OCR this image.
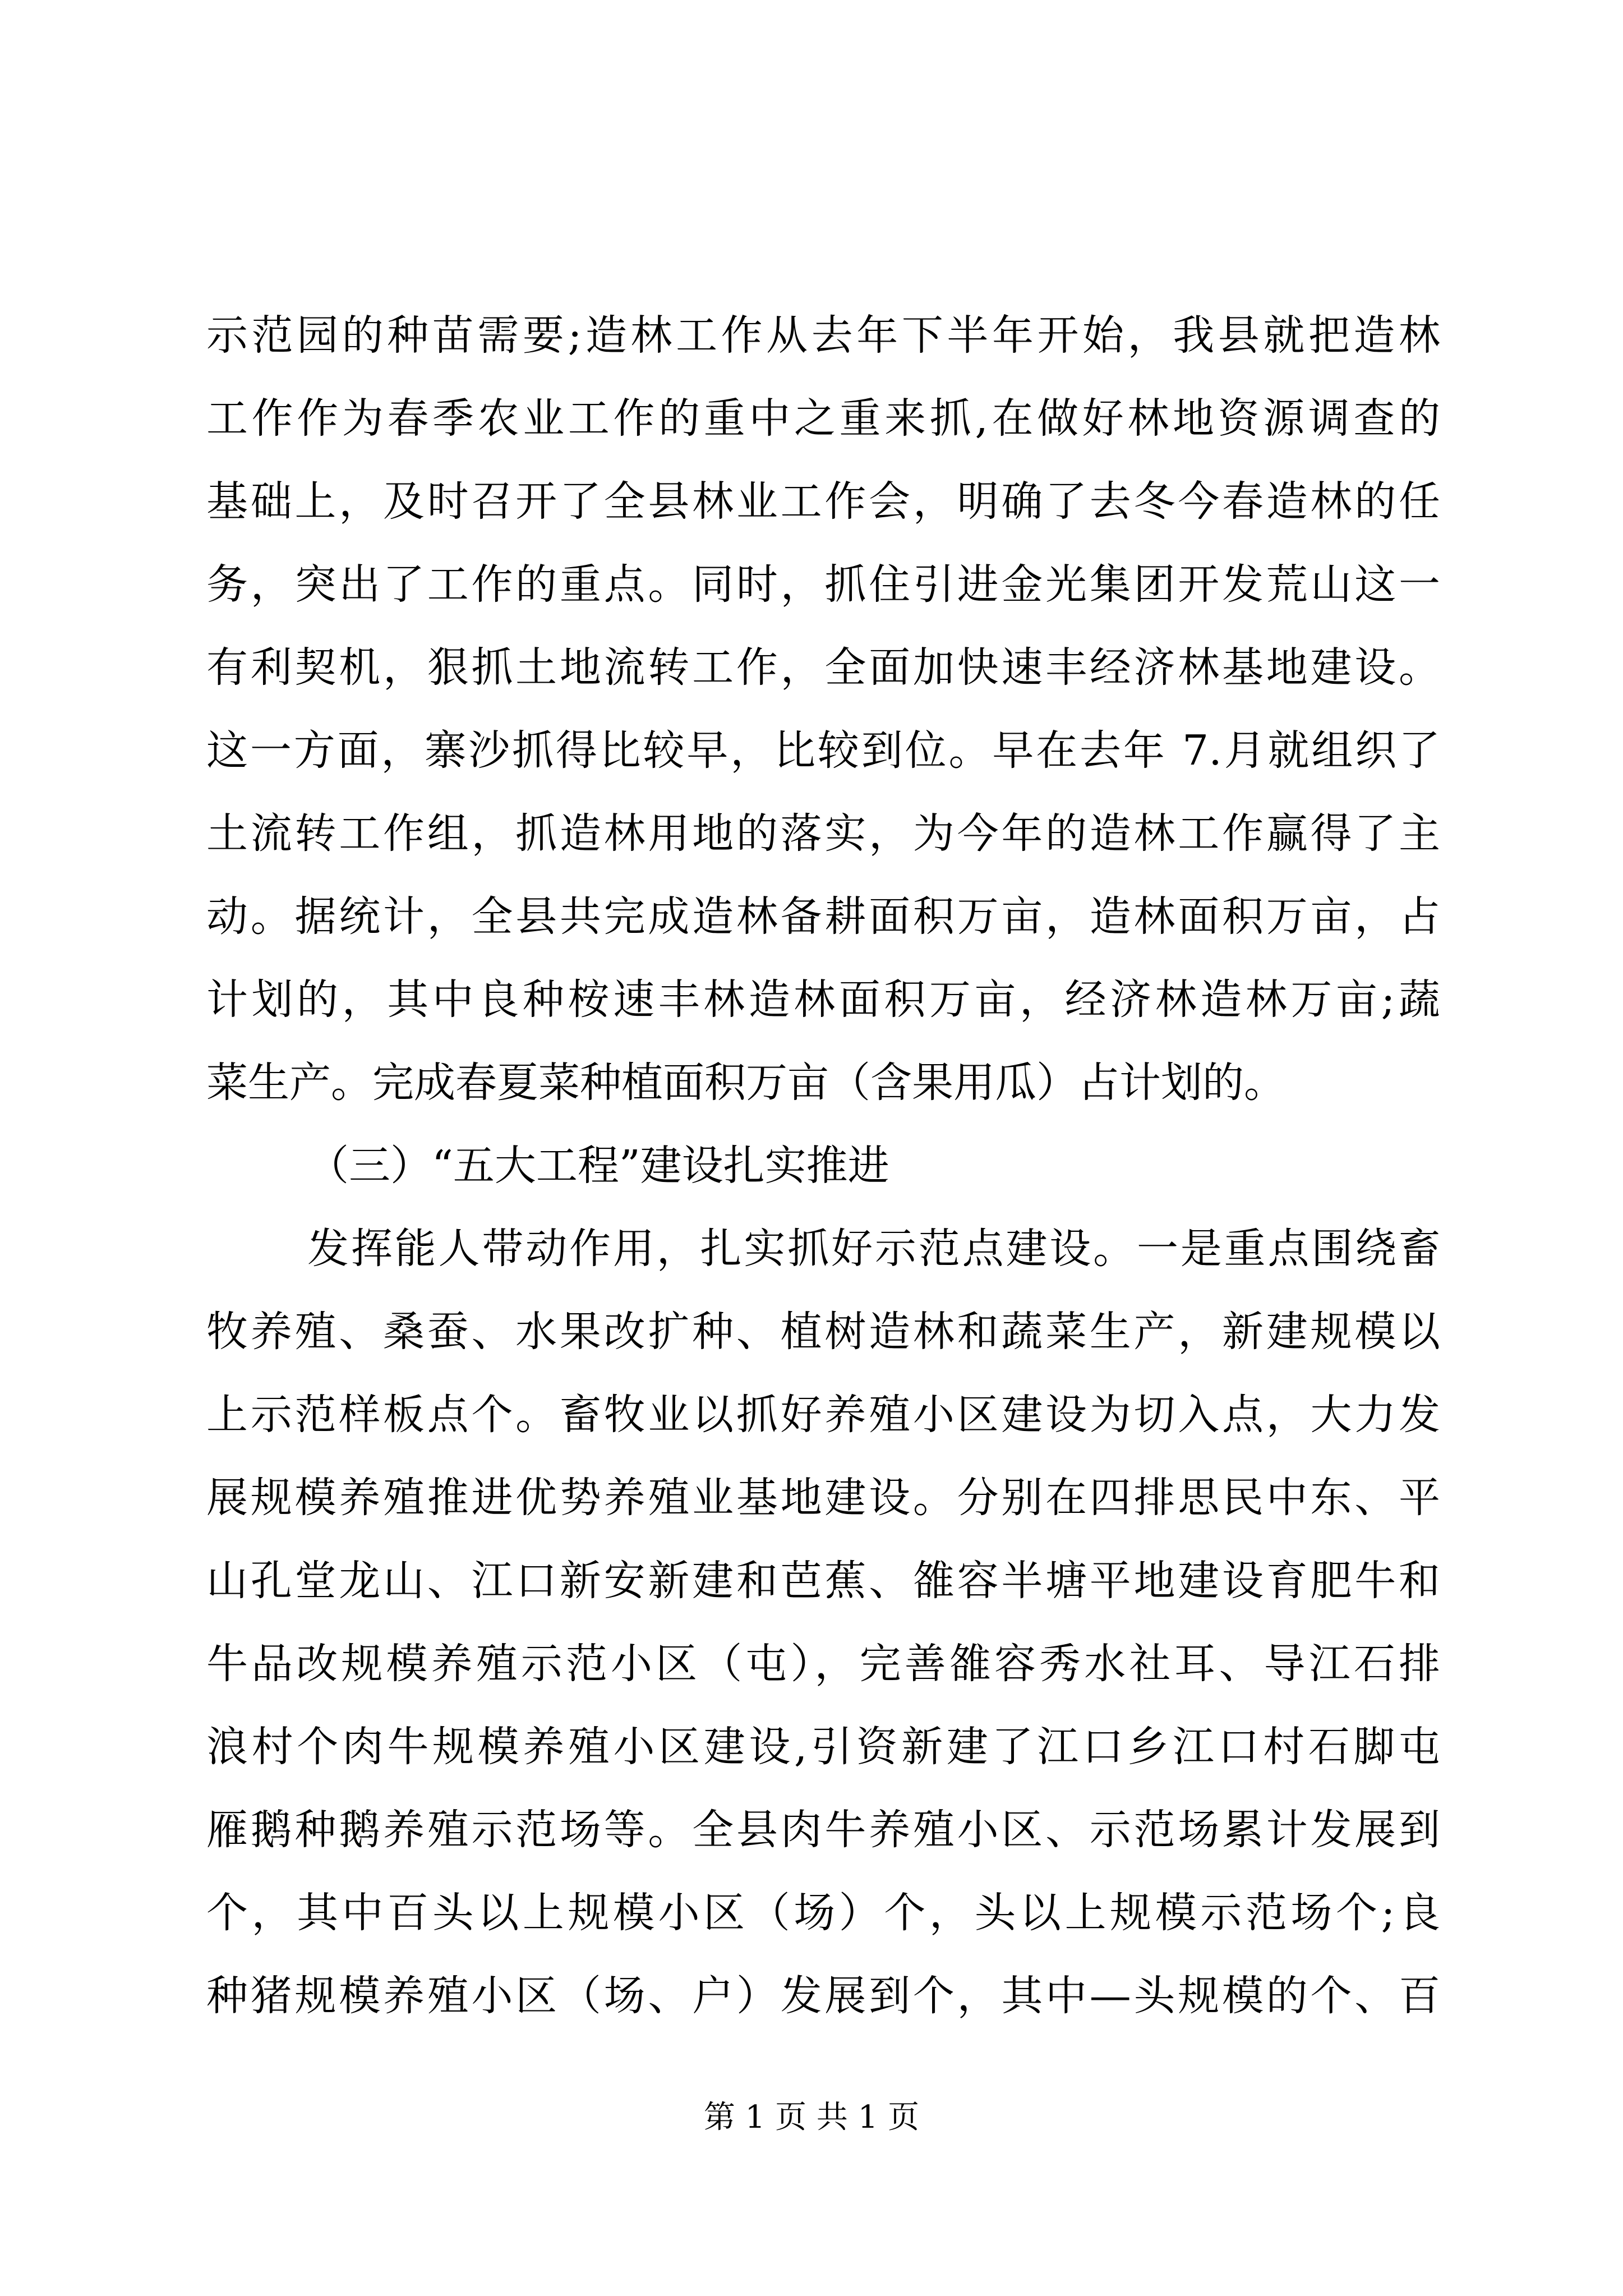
示范园的种苗需要;造林工作从去年下半年开始，我县就把造林
工作作为春季农业工作的重中之重来抓,在做好林地资源调查的
基础上，及时召开了全县林业工作会，明确了去冬今春造林的任
务，突出了工作的重点。同时，抓住引进金光集团开发荒山这一
有利契机，狠抓土地流转工作，全面加快速丰经济林基地建设。
这一方面，寨沙抓得比较早，比较到位。早在去年 7.月就组织了
土流转工作组，抓造林用地的落实，为今年的造林工作赢得了主
动。据统计，全县共完成造林备耕面积万亩，造林面积万亩，占
计划的，其中良种桉速丰林造林面积万亩，经济林造林万亩;蔬
菜生产。完成春夏菜种植面积万亩（含果用瓜）占计划的。
（三）“五大工程”建设扎实推进
发挥能人带动作用，扎实抓好示范点建设。一是重点围绕畜
牧养殖、桑蚕、水果改扩种、植树造林和蔬菜生产，新建规模以
上示范样板点个。畜牧业以抓好养殖小区建设为切入点，大力发
展规模养殖推进优势养殖业基地建设。分别在四排思民中东、平
山孔堂龙山、江口新安新建和芭蕉、雒容半塘平地建设育肥牛和
牛品改规模养殖示范小区（屯），完善雒容秀水社耳、导江石排
浪村个肉牛规模养殖小区建设,引资新建了江口乡江口村石脚屯
雁鹅种鹅养殖示范场等。全县肉牛养殖小区、示范场累计发展到
个，其中百头以上规模小区（场）个，头以上规模示范场个;良
种猪规模养殖小区（场、户）发展到个，其中—头规模的个、百
第 1 页 共 1 页
